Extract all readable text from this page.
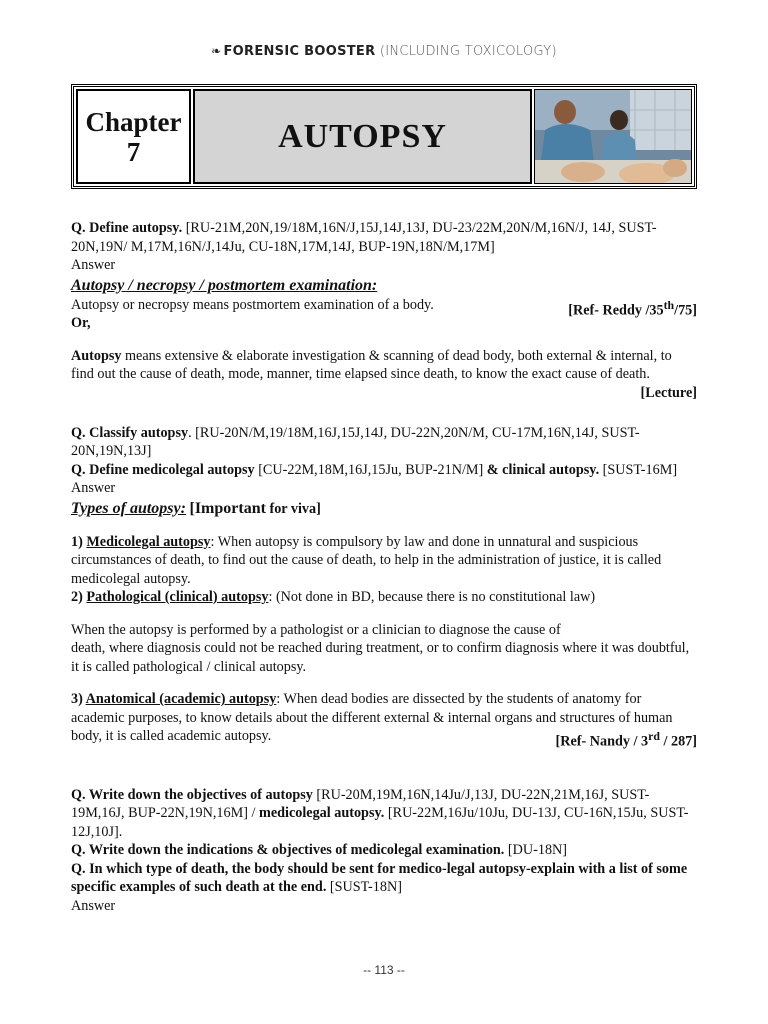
❧ FORENSIC BOOSTER (INCLUDING TOXICOLOGY)
Chapter
7	AUTOPSY

Q. Define autopsy. [RU-21M,20N,19/18M,16N/J,15J,14J,13J, DU-23/22M,20N/M,16N/J, 14J, SUST-20N,19N/ M,17M,16N/J,14Ju, CU-18N,17M,14J, BUP-19N,18N/M,17M]

Answer

Autopsy / necropsy / postmortem examination:

Autopsy or necropsy means postmortem examination of a body.	[Ref- Reddy /35th/75]

Or,

Autopsy means extensive & elaborate investigation & scanning of dead body, both external & internal, to find out the cause of death, mode, manner, time elapsed since death, to know the exact cause of death.
[Lecture]

Q. Classify autopsy. [RU-20N/M,19/18M,16J,15J,14J, DU-22N,20N/M, CU-17M,16N,14J, SUST-20N,19N,13J]

Q. Define medicolegal autopsy [CU-22M,18M,16J,15Ju, BUP-21N/M] & clinical autopsy. [SUST-16M]

Answer

Types of autopsy: [Important for viva]

1) Medicolegal autopsy: When autopsy is compulsory by law and done in unnatural and suspicious circumstances of death, to find out the cause of death, to help in the administration of justice, it is called medicolegal autopsy.

2) Pathological (clinical) autopsy: (Not done in BD, because there is no constitutional law)

When the autopsy is performed by a pathologist or a clinician to diagnose the cause of
death, where diagnosis could not be reached during treatment, or to confirm diagnosis where it was doubtful, it is called pathological / clinical autopsy.

3) Anatomical (academic) autopsy: When dead bodies are dissected by the students of anatomy for academic purposes, to know details about the different external & internal organs and structures of human body, it is called academic autopsy.	[Ref- Nandy / 3rd / 287]

Q. Write down the objectives of autopsy [RU-20M,19M,16N,14Ju/J,13J, DU-22N,21M,16J, SUST-19M,16J, BUP-22N,19N,16M] / medicolegal autopsy. [RU-22M,16Ju/10Ju, DU-13J, CU-16N,15Ju, SUST-12J,10J].

Q. Write down the indications & objectives of medicolegal examination. [DU-18N]

Q. In which type of death, the body should be sent for medico-legal autopsy-explain with a list of some specific examples of such death at the end. [SUST-18N]

Answer

-- 113 --
